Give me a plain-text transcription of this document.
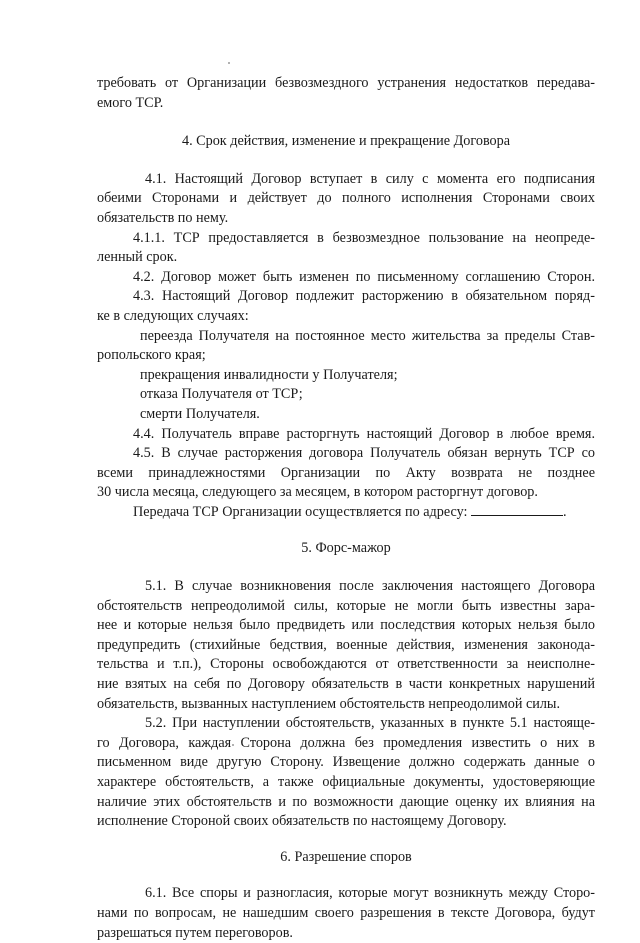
требовать от Организации безвозмездного устранения недостатков передава-

емого ТСР.

4. Срок действия, изменение и прекращение Договора

4.1. Настоящий Договор вступает в силу с момента его подписания

обеими Сторонами и действует до полного исполнения Сторонами своих

обязательств по нему.

4.1.1. ТСР предоставляется в безвозмездное пользование на неопреде-

ленный срок.

4.2. Договор может быть изменен по письменному соглашению Сторон.

4.3. Настоящий Договор подлежит расторжению в обязательном поряд-

ке в следующих случаях:

переезда Получателя на постоянное место жительства за пределы Став-

ропольского края;

прекращения инвалидности у Получателя;

отказа Получателя от ТСР;

смерти Получателя.

4.4. Получатель вправе расторгнуть настоящий Договор в любое время.

4.5. В случае расторжения договора Получатель обязан вернуть ТСР со

всеми принадлежностями Организации по Акту возврата не позднее

30 числа месяца, следующего за месяцем, в котором расторгнут договор.

Передача ТСР Организации осуществляется по адресу:	.

5. Форс-мажор

5.1. В случае возникновения после заключения настоящего Договора

обстоятельств непреодолимой силы, которые не могли быть известны зара-

нее и которые нельзя было предвидеть или последствия которых нельзя было

предупредить (стихийные бедствия, военные действия, изменения законода-

тельства и т.п.), Стороны освобождаются от ответственности за неисполне-

ние взятых на себя по Договору обязательств в части конкретных нарушений

обязательств, вызванных наступлением обстоятельств непреодолимой силы.

5.2. При наступлении обстоятельств, указанных в пункте 5.1 настояще-

го Договора, каждая Сторона должна без промедления известить о них в

письменном виде другую Сторону. Извещение должно содержать данные о

характере обстоятельств, а также официальные документы, удостоверяющие

наличие этих обстоятельств и по возможности дающие оценку их влияния на

исполнение Стороной своих обязательств по настоящему Договору.

6. Разрешение споров

6.1. Все споры и разногласия, которые могут возникнуть между Сторо-

нами по вопросам, не нашедшим своего разрешения в тексте Договора, будут

разрешаться путем переговоров.
